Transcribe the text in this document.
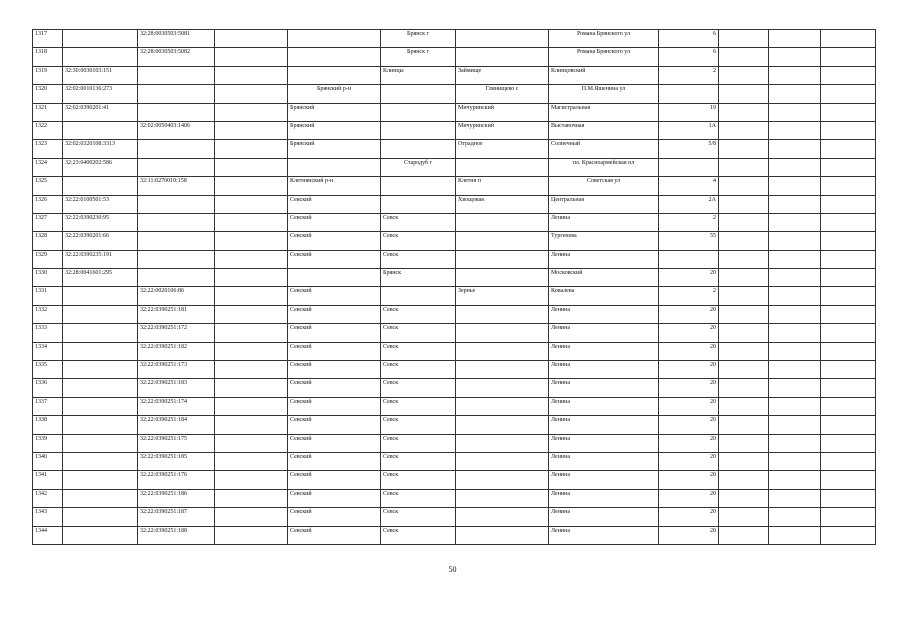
1317		32:28:0030503:5081			Брянск г		Романа Брянского ул	6			
1318		32:28:0030503:5082			Брянск г		Романа Брянского ул	6			
1319	32:30:0030103:151				Клинцы	Займище	Клинцовский	2			
1320	32:02:0010136:273			Брянский р-н		Глинищево с	П.М.Яшенина ул				
1321	32:02:0390201:41			Брянский		Мичуринский	Магистральная	19			
1322		32:02:0050403:1406		Брянский		Мичуринский	Выставочная	1А			
1323	32:02:0320108:3313			Брянский		Отрадное	Солнечный	5/8			
1324	32:23:0400202:586				Стародуб г		пл. Красноармейская пл				
1325		32:11:0270010:158		Клетнянский р-н		Клетня п	Советская ул	4			
1326	32:22:0100501:53			Севский		Хвощовая	Центральная	2А			
1327	32:22:0390230:95			Севский	Севск		Ленина	2			
1328	32:22:0390201:66			Севский	Севск		Тургенева	55			
1329	32:22:0390235:191			Севский	Севск		Ленина				
1330	32:28:0041601:295				Брянск		Московский	20			
1331		32:22:0020106:86		Севский		Зернье	Ковалева	2			
1332		32:22:0390251:181		Севский	Севск		Ленина	20			
1333		32:22:0390251:172		Севский	Севск		Ленина	20			
1334		32:22:0390251:182		Севский	Севск		Ленина	20			
1335		32:22:0390251:173		Севский	Севск		Ленина	20			
1336		32:22:0390251:183		Севский	Севск		Ленина	20			
1337		32:22:0390251:174		Севский	Севск		Ленина	20			
1338		32:22:0390251:184		Севский	Севск		Ленина	20			
1339		32:22:0390251:175		Севский	Севск		Ленина	20			
1340		32:22:0390251:185		Севский	Севск		Ленина	20			
1341		32:22:0390251:176		Севский	Севск		Ленина	20			
1342		32:22:0390251:186		Севский	Севск		Ленина	20			
1343		32:22:0390251:187		Севский	Севск		Ленина	20			
1344		32:22:0390251:188		Севский	Севск		Ленина	20			
50
